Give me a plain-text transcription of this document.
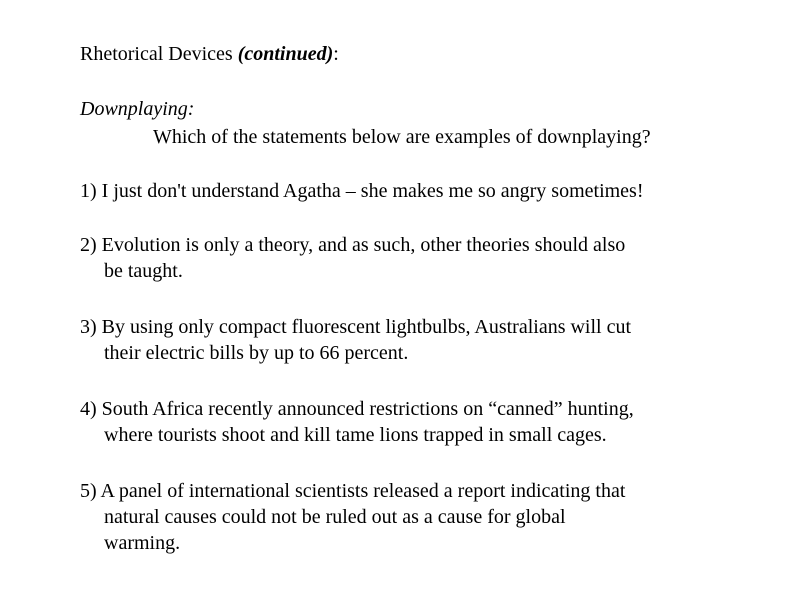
Rhetorical Devices (continued):
Downplaying:
Which of the statements below are examples of downplaying?
1) I just don't understand Agatha – she makes me so angry sometimes!
2) Evolution is only a theory, and as such, other theories should also
be taught.
3) By using only compact fluorescent lightbulbs, Australians will cut
their electric bills by up to 66 percent.
4) South Africa recently announced restrictions on “canned” hunting,
where tourists shoot and kill tame lions trapped in small cages.
5) A panel of international scientists released a report indicating that
natural causes could not be ruled out as a cause for global
warming.
